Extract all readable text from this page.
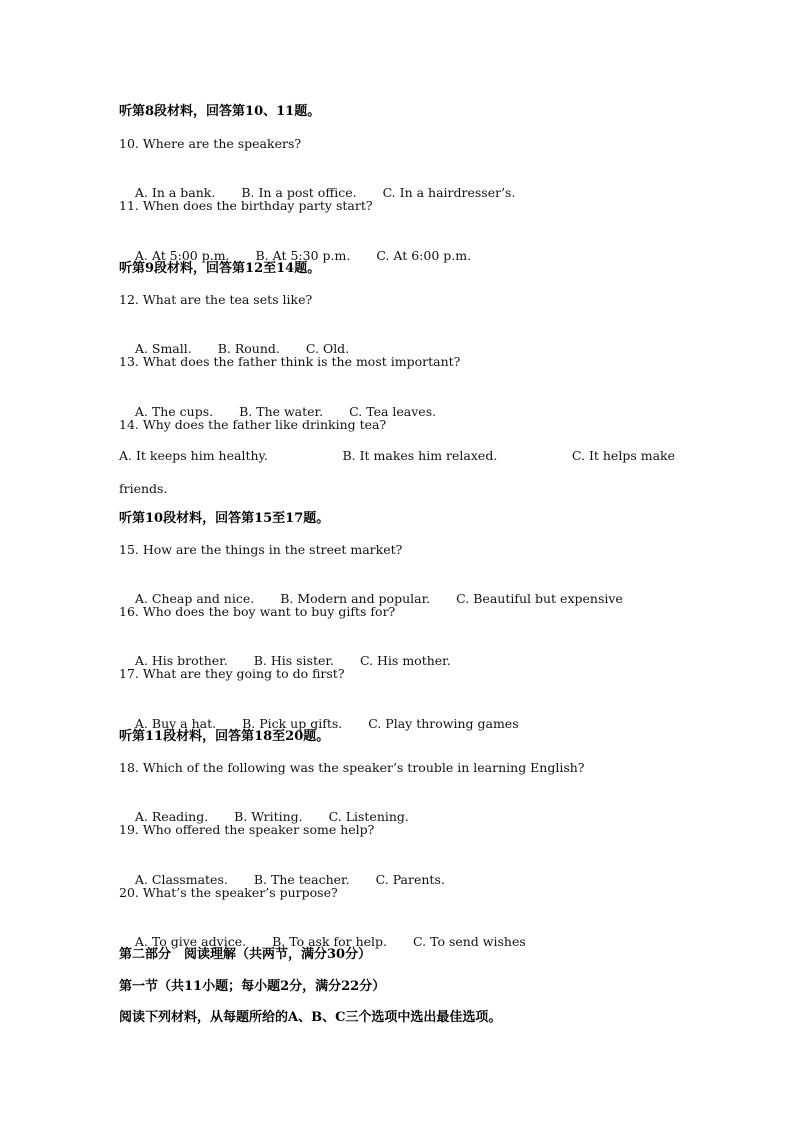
听第8段材料，回答第10、11题。
10. Where are the speakers?

A. In a bank. B. In a post office. C. In a hairdresser’s.

11. When does the birthday party start?

A. At 5:00 p.m. B. At 5:30 p.m. C. At 6:00 p.m.

听第9段材料，回答第12至14题。
12. What are the tea sets like?

A. Small. B. Round. C. Old.

13. What does the father think is the most important?

A. The cups. B. The water. C. Tea leaves.

14. Why does the father like drinking tea?
A. It keeps him healthy.	B. It makes him relaxed.	C. It helps make
friends.
听第10段材料，回答第15至17题。
15. How are the things in the street market?

A. Cheap and nice. B. Modern and popular. C. Beautiful but expensive

16. Who does the boy want to buy gifts for?

A. His brother. B. His sister. C. His mother.

17. What are they going to do first?

A. Buy a hat. B. Pick up gifts. C. Play throwing games

听第11段材料，回答第18至20题。
18. Which of the following was the speaker’s trouble in learning English?

A. Reading. B. Writing. C. Listening.

19. Who offered the speaker some help?

A. Classmates. B. The teacher. C. Parents.

20. What’s the speaker’s purpose?

A. To give advice. B. To ask for help. C. To send wishes

第二部分　阅读理解（共两节，满分30分）
第一节（共11小题；每小题2分，满分22分）
阅读下列材料，从每题所给的A、B、C三个选项中选出最佳选项。
